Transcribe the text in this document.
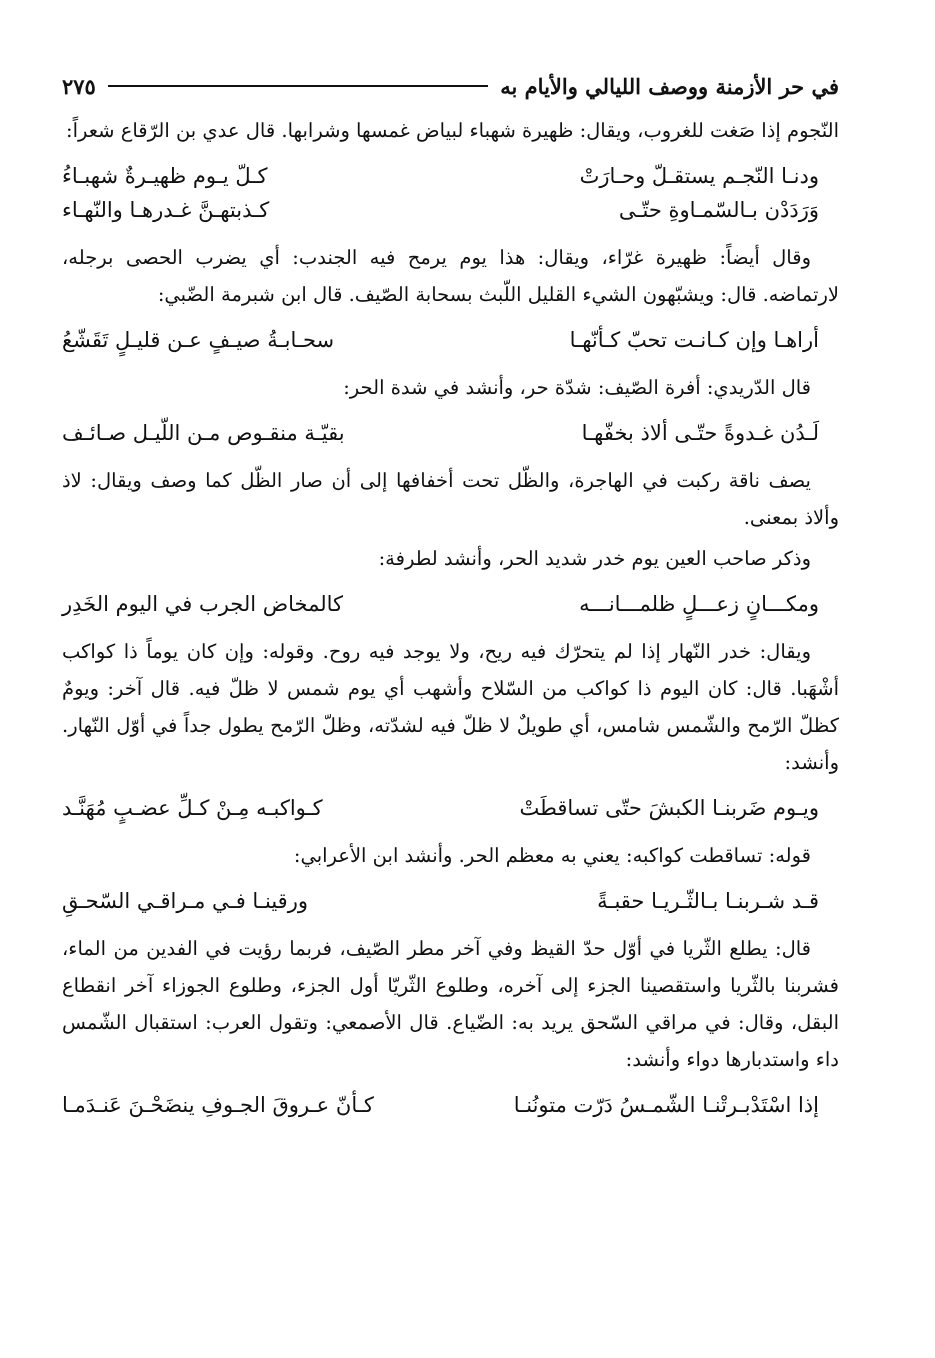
في حر الأزمنة ووصف الليالي والأيام به
٢٧٥

النّجوم إذا صَغت للغروب، ويقال: ظهيرة شهباء لبياض غمسها وشرابها. قال عدي بن الرّقاع شعراً:

ودنـا النّجـم يستقـلّ وحـارَتْ
كـلّ يـوم ظهيـرةٌ شهبـاءُ
وَرَدَدْن بـالسّمـاوةِ حتّـى
كـذبتهـنَّ غـدرهـا والنّهـاء

وقال أيضاً: ظهيرة غرّاء، ويقال: هذا يوم يرمح فيه الجندب: أي يضرب الحصى برجله، لارتماضه. قال: ويشبّهون الشيء القليل اللّبث بسحابة الصّيف. قال ابن شبرمة الضّبي:

أراهـا وإن كـانـت تحبّ كـأنّهـا
سحـابـةُ صيـفٍ عـن قليـلٍ تَقَشّعُ

قال الدّريدي: أفرة الصّيف: شدّة حر، وأنشد في شدة الحر:

لَـدُن غـدوةً حتّـى ألاذ بخفّهـا
بقيّـة منقـوص مـن اللّيـل صـائـف

يصف ناقة ركبت في الهاجرة، والظّل تحت أخفافها إلى أن صار الظّل كما وصف ويقال: لاذ وألاذ بمعنى.

وذكر صاحب العين يوم خدر شديد الحر، وأنشد لطرفة:

ومكـــانٍ زعـــلٍ ظلمـــانـــه
كالمخاض الجرب في اليوم الخَدِر

ويقال: خدر النّهار إذا لم يتحرّك فيه ريح، ولا يوجد فيه روح. وقوله: وإن كان يوماً ذا كواكب أشْهَبا. قال: كان اليوم ذا كواكب من السّلاح وأشهب أي يوم شمس لا ظلّ فيه. قال آخر: ويومٌ كظلّ الرّمح والشّمس شامس، أي طويلٌ لا ظلّ فيه لشدّته، وظلّ الرّمح يطول جداً في أوّل النّهار. وأنشد:

ويـوم ضَربنـا الكبشَ حتّى تساقطَتْ
كـواكبـه مِـنْ كـلِّ عضـبٍ مُهَنَّـد

قوله: تساقطت كواكبه: يعني به معظم الحر. وأنشد ابن الأعرابي:

قـد شـربنـا بـالثّـريـا حقبـةً
ورقينـا فـي مـراقـي السّحـقِ

قال: يطلع الثّريا في أوّل حدّ القيظ وفي آخر مطر الصّيف، فربما رؤيت في الفدين من الماء، فشربنا بالثّريا واستقصينا الجزء إلى آخره، وطلوع الثّريّا أول الجزء، وطلوع الجوزاء آخر انقطاع البقل، وقال: في مراقي السّحق يريد به: الضّياع. قال الأصمعي: وتقول العرب: استقبال الشّمس داء واستدبارها دواء وأنشد:

إذا اسْتَدْبـرتْنـا الشّمـسُ دَرّت متونُنـا
كـأنّ عـروقَ الجـوفِ ينضَحْـنَ عَنـدَمـا
